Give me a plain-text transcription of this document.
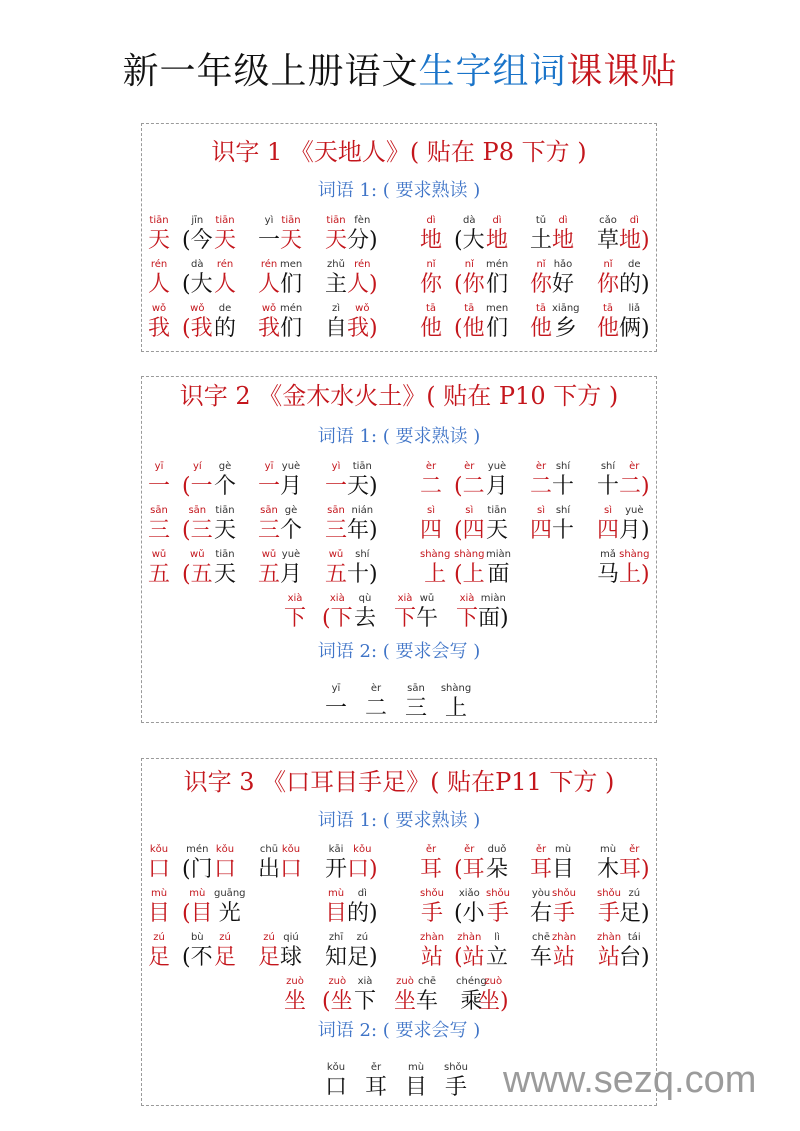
新一年级上册语文生字组词课课贴
识字 1 《天地人》( 贴在 P8 下方 )
词语 1: ( 要求熟读 )
tiān
天
jīn
(今
tiān
天
yì
一
tiān
天
tiān
天
fèn
分)
dì
地
dà
(大
dì
地
tǔ
土
dì
地
cǎo
草
dì
地)
rén
人
dà
(大
rén
人
rén
人
men
们
zhǔ
主
rén
人)
nǐ
你
nǐ
(你
mén
们
nǐ
你
hǎo
好
nǐ
你
de
的)
wǒ
我
wǒ
(我
de
的
wǒ
我
mén
们
zì
自
wǒ
我)
tā
他
tā
(他
men
们
tā
他
xiāng
乡
tā
他
liǎ
俩)
识字 2 《金木水火土》( 贴在 P10 下方 )
词语 1: ( 要求熟读 )
yī
一
yí
(一
gè
个
yī
一
yuè
月
yì
一
tiān
天)
èr
二
èr
(二
yuè
月
èr
二
shí
十
shí
十
èr
二)
sān
三
sān
(三
tiān
天
sān
三
gè
个
sān
三
nián
年)
sì
四
sì
(四
tiān
天
sì
四
shí
十
sì
四
yuè
月)
wǔ
五
wǔ
(五
tiān
天
wǔ
五
yuè
月
wǔ
五
shí
十)
shàng
上
shàng
(上
miàn
面
mǎ
马
shàng
上)
xià
下
xià
(下
qù
去
xià
下
wǔ
午
xià
下
miàn
面)
词语 2: ( 要求会写 )
yī
一
èr
二
sān
三
shàng
上
识字 3 《口耳目手足》( 贴在P11 下方 )
词语 1: ( 要求熟读 )
kǒu
口
mén
(门
kǒu
口
chū
出
kǒu
口
kāi
开
kǒu
口)
ěr
耳
ěr
(耳
duǒ
朵
ěr
耳
mù
目
mù
木
ěr
耳)
mù
目
mù
(目
guāng
光
mù
目
dì
的)
shǒu
手
xiǎo
(小
shǒu
手
yòu
右
shǒu
手
shǒu
手
zú
足)
zú
足
bù
(不
zú
足
zú
足
qiú
球
zhī
知
zú
足)
zhàn
站
zhàn
(站
lì
立
chē
车
zhàn
站
zhàn
站
tái
台)
zuò
坐
zuò
(坐
xià
下
zuò
坐
chē
车
chéng
乘
zuò
坐)
词语 2: ( 要求会写 )
kǒu
口
ěr
耳
mù
目
shǒu
手 www.sezq.com
